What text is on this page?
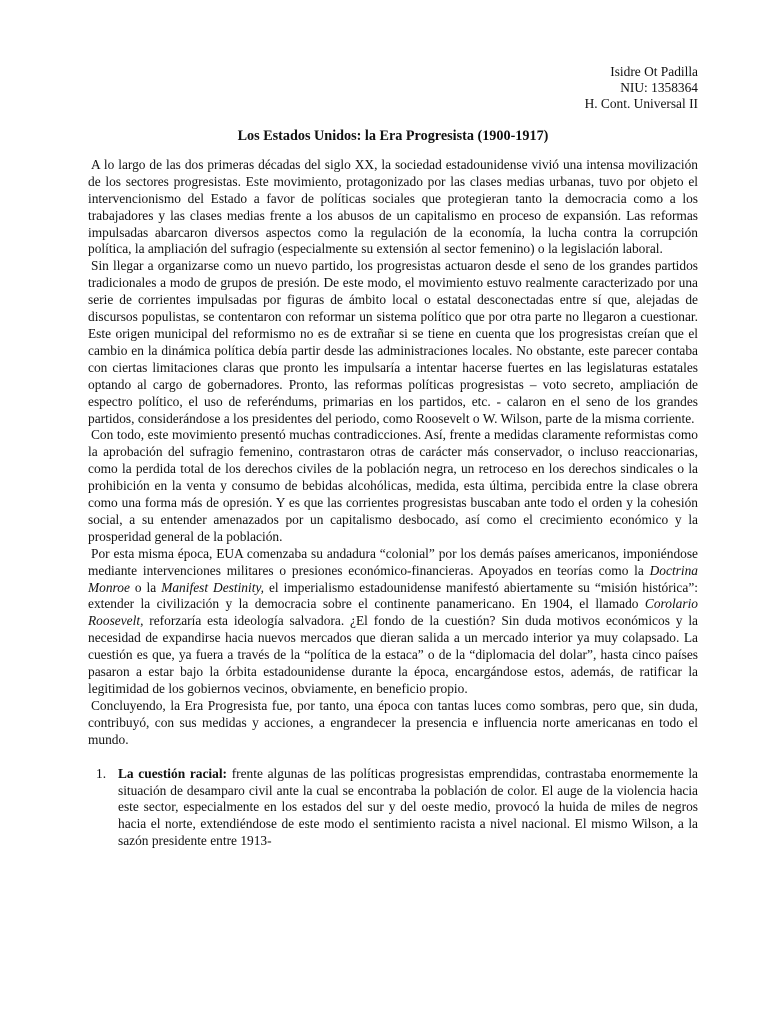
Isidre Ot Padilla
NIU: 1358364
H. Cont. Universal II
Los Estados Unidos: la Era Progresista (1900-1917)

A lo largo de las dos primeras décadas del siglo XX, la sociedad estadounidense vivió una intensa movilización de los sectores progresistas. Este movimiento, protagonizado por las clases medias urbanas, tuvo por objeto el intervencionismo del Estado a favor de políticas sociales que protegieran tanto la democracia como a los trabajadores y las clases medias frente a los abusos de un capitalismo en proceso de expansión. Las reformas impulsadas abarcaron diversos aspectos como la regulación de la economía, la lucha contra la corrupción política, la ampliación del sufragio (especialmente su extensión al sector femenino) o la legislación laboral.

Sin llegar a organizarse como un nuevo partido, los progresistas actuaron desde el seno de los grandes partidos tradicionales a modo de grupos de presión. De este modo, el movimiento estuvo realmente caracterizado por una serie de corrientes impulsadas por figuras de ámbito local o estatal desconectadas entre sí que, alejadas de discursos populistas, se contentaron con reformar un sistema político que por otra parte no llegaron a cuestionar. Este origen municipal del reformismo no es de extrañar si se tiene en cuenta que los progresistas creían que el cambio en la dinámica política debía partir desde las administraciones locales. No obstante, este parecer contaba con ciertas limitaciones claras que pronto les impulsaría a intentar hacerse fuertes en las legislaturas estatales optando al cargo de gobernadores. Pronto, las reformas políticas progresistas – voto secreto, ampliación de espectro político, el uso de referéndums, primarias en los partidos, etc. - calaron en el seno de los grandes partidos, considerándose a los presidentes del periodo, como Roosevelt o W. Wilson, parte de la misma corriente.

Con todo, este movimiento presentó muchas contradicciones. Así, frente a medidas claramente reformistas como la aprobación del sufragio femenino, contrastaron otras de carácter más conservador, o incluso reaccionarias, como la perdida total de los derechos civiles de la población negra, un retroceso en los derechos sindicales o la prohibición en la venta y consumo de bebidas alcohólicas, medida, esta última, percibida entre la clase obrera como una forma más de opresión. Y es que las corrientes progresistas buscaban ante todo el orden y la cohesión social, a su entender amenazados por un capitalismo desbocado, así como el crecimiento económico y la prosperidad general de la población.

Por esta misma época, EUA comenzaba su andadura “colonial” por los demás países americanos, imponiéndose mediante intervenciones militares o presiones económico-financieras. Apoyados en teorías como la Doctrina Monroe o la Manifest Destinity, el imperialismo estadounidense manifestó abiertamente su “misión histórica”: extender la civilización y la democracia sobre el continente panamericano. En 1904, el llamado Corolario Roosevelt, reforzaría esta ideología salvadora. ¿El fondo de la cuestión? Sin duda motivos económicos y la necesidad de expandirse hacia nuevos mercados que dieran salida a un mercado interior ya muy colapsado. La cuestión es que, ya fuera a través de la “política de la estaca” o de la “diplomacia del dolar”, hasta cinco países pasaron a estar bajo la órbita estadounidense durante la época, encargándose estos, además, de ratificar la legitimidad de los gobiernos vecinos, obviamente, en beneficio propio.

Concluyendo, la Era Progresista fue, por tanto, una época con tantas luces como sombras, pero que, sin duda, contribuyó, con sus medidas y acciones, a engrandecer la presencia e influencia norte americanas en todo el mundo.

1. La cuestión racial: frente algunas de las políticas progresistas emprendidas, contrastaba enormemente la situación de desamparo civil ante la cual se encontraba la población de color. El auge de la violencia hacia este sector, especialmente en los estados del sur y del oeste medio, provocó la huida de miles de negros hacia el norte, extendiéndose de este modo el sentimiento racista a nivel nacional. El mismo Wilson, a la sazón presidente entre 1913-
